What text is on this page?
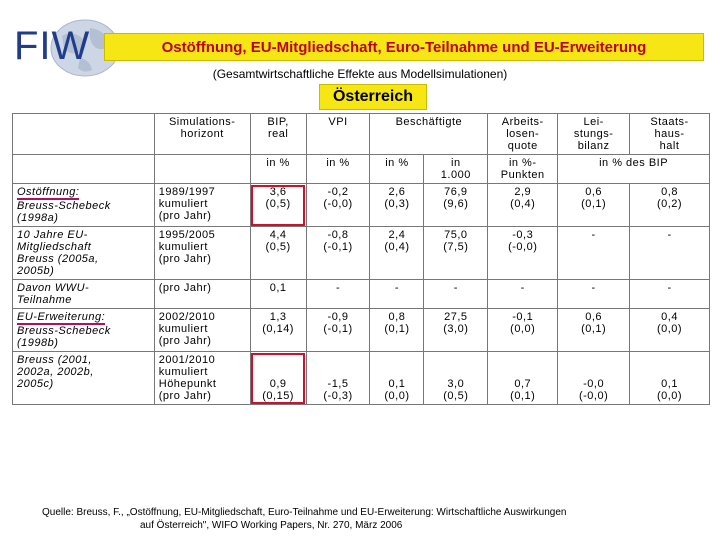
FIW	Ostöffnung, EU-Mitgliedschaft, Euro-Teilnahme und EU-Erweiterung
(Gesamtwirtschaftliche Effekte aus Modellsimulationen)
Österreich
	Simulations-
horizont	BIP,
real	VPI	Beschäftigte		Arbeits-
losen-
quote	Lei-
stungs-
bilanz	Staats-
haus-
halt
		in %	in %	in %	in
1.000	in %-
Punkten	in % des BIP	
Ostöffnung:
Breuss-Schebeck
(1998a)	1989/1997
kumuliert
(pro Jahr)	3,6
(0,5)	-0,2
(-0,0)	2,6
(0,3)	76,9
(9,6)	2,9
(0,4)	0,6
(0,1)	0,8
(0,2)
10 Jahre EU-
Mitgliedschaft
Breuss (2005a,
2005b)	1995/2005
kumuliert
(pro Jahr)	4,4
(0,5)	-0,8
(-0,1)	2,4
(0,4)	75,0
(7,5)	-0,3
(-0,0)	-	-
Davon WWU-
Teilnahme	(pro Jahr)	0,1	-	-	-	-	-	-
EU-Erweiterung:
Breuss-Schebeck
(1998b)	2002/2010
kumuliert
(pro Jahr)	1,3
(0,14)	-0,9
(-0,1)	0,8
(0,1)	27,5
(3,0)	-0,1
(0,0)	0,6
(0,1)	0,4
(0,0)
Breuss (2001,
2002a, 2002b,
2005c)	2001/2010
kumuliert
Höhepunkt
(pro Jahr)	0,9
(0,15)	-1,5
(-0,3)	0,1
(0,0)	3,0
(0,5)	0,7
(0,1)	-0,0
(-0,0)	0,1
(0,0)
Quelle: Breuss, F., „Ostöffnung, EU-Mitgliedschaft, Euro-Teilnahme und EU-Erweiterung: Wirtschaftliche Auswirkungen
auf Österreich", WIFO Working Papers, Nr. 270, März 2006
